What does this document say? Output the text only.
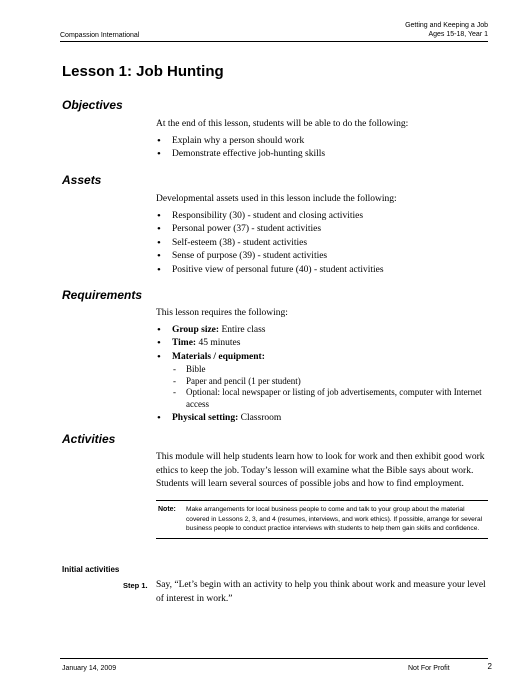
Compassion International
Getting and Keeping a Job
Ages 15-18, Year 1
Lesson 1: Job Hunting
Objectives

At the end of this lesson, students will be able to do the following:

• Explain why a person should work
• Demonstrate effective job-hunting skills
Assets

Developmental assets used in this lesson include the following:

• Responsibility (30) - student and closing activities
• Personal power (37) - student activities
• Self-esteem (38) - student activities
• Sense of purpose (39) - student activities
• Positive view of personal future (40) - student activities
Requirements

This lesson requires the following:

• Group size: Entire class
• Time: 45 minutes
• Materials / equipment:
- Bible
- Paper and pencil (1 per student)
- Optional: local newspaper or listing of job advertisements, computer with Internet access
• Physical setting: Classroom
Activities

This module will help students learn how to look for work and then exhibit good work ethics to keep the job. Today’s lesson will examine what the Bible says about work. Students will learn several sources of possible jobs and how to find employment.

Note:	Make arrangements for local business people to come and talk to your group about the material covered in Lessons 2, 3, and 4 (resumes, interviews, and work ethics). If possible, arrange for several business people to conduct practice interviews with students to help them gain skills and confidence.
Initial activities
Step 1. Say, “Let’s begin with an activity to help you think about work and measure your level of interest in work.”
January 14, 2009	Not For Profit	2
